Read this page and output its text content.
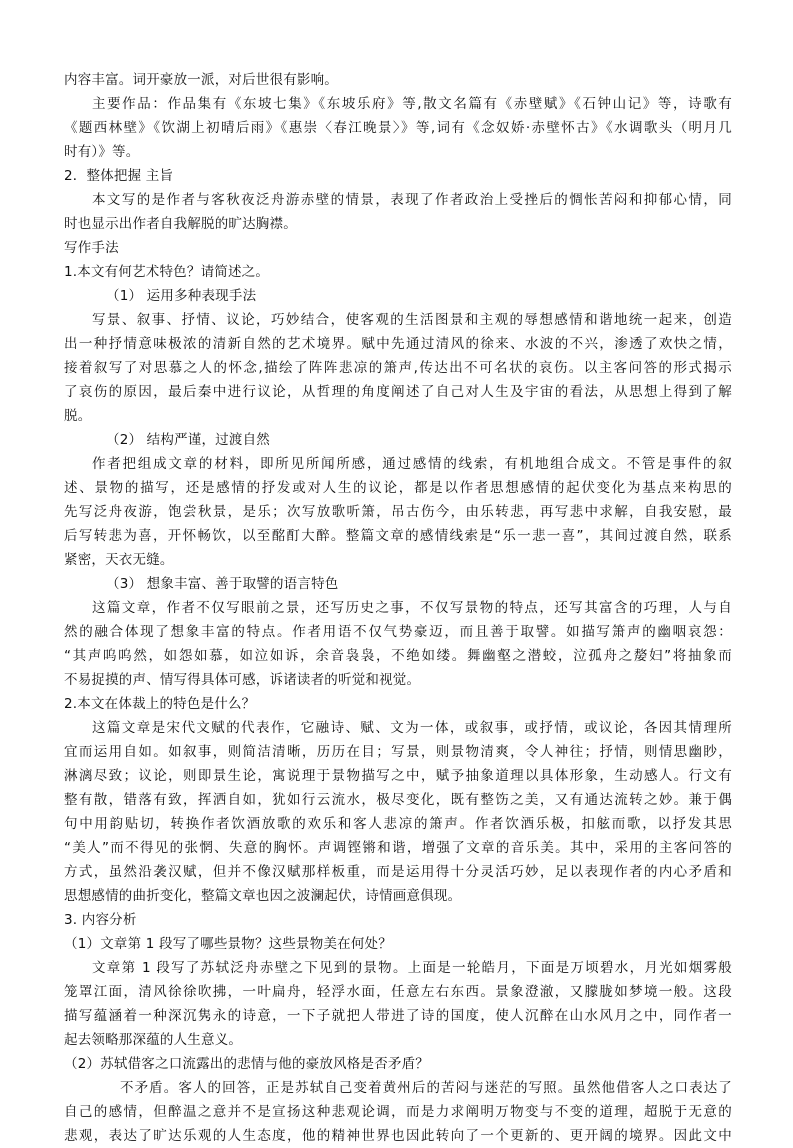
内容丰富。词开豪放一派，对后世很有影响。
主要作品：作品集有《东坡七集》《东坡乐府》等,散文名篇有《赤壁赋》《石钟山记》等，诗歌有
《题西林壁》《饮湖上初晴后雨》《惠崇〈春江晚景〉》等,词有《念奴娇·赤壁怀古》《水调歌头（明月几
时有）》等。
2．整体把握 主旨
本文写的是作者与客秋夜泛舟游赤壁的情景，表现了作者政治上受挫后的惆怅苦闷和抑郁心情，同
时也显示出作者自我解脱的旷达胸襟。
写作手法
1.本文有何艺术特色？请简述之。
（1） 运用多种表现手法
写景、叙事、抒情、议论，巧妙结合，使客观的生活图景和主观的辱想感情和谐地统一起来，创造
出一种抒情意味极浓的清新自然的艺术境界。赋中先通过清风的徐来、水波的不兴，渗透了欢快之情，
接着叙写了对思慕之人的怀念,描绘了阵阵悲凉的箫声,传达出不可名状的哀伤。以主客问答的形式揭示
了哀伤的原因，最后秦中进行议论，从哲理的角度阐述了自己对人生及宇宙的看法，从思想上得到了解
脱。
（2） 结构严谨，过渡自然
作者把组成文章的材料，即所见所闻所感，通过感情的线索，有机地组合成文。不管是事件的叙
述、景物的描写，还是感情的抒发或对人生的议论，都是以作者思想感情的起伏变化为基点来构思的
先写泛舟夜游，饱尝秋景，是乐；次写放歌听箫，吊古伤今，由乐转悲，再写悲中求解，自我安慰，最
后写转悲为喜，开怀畅饮，以至酩酊大醉。整篇文章的感情线索是“乐一悲一喜”，其间过渡自然，联系
紧密，天衣无缝。
（3） 想象丰富、善于取譬的语言特色
这篇文章，作者不仅写眼前之景，还写历史之事，不仅写景物的特点，还写其富含的巧理，人与自
然的融合体现了想象丰富的特点。作者用语不仅气势豪迈，而且善于取譬。如描写箫声的幽咽哀怨：
“其声呜呜然，如怨如慕，如泣如诉，余音袅袅，不绝如缕。舞幽壑之潜蛟，泣孤舟之嫠妇”将抽象而
不易捉摸的声、情写得具体可感，诉诸读者的听觉和视觉。
2.本文在体裁上的特色是什么？
这篇文章是宋代文赋的代表作，它融诗、赋、文为一体，或叙事，或抒情，或议论，各因其情理所
宜而运用自如。如叙事，则简洁清晰，历历在目；写景，则景物清爽，令人神往；抒情，则情思幽眇，
淋漓尽致；议论，则即景生论，寓说理于景物描写之中，赋予抽象道理以具体形象，生动感人。行文有
整有散，错落有致，挥洒自如，犹如行云流水，极尽变化，既有整饬之美，又有通达流转之妙。兼于偶
句中用韵贴切，转换作者饮酒放歌的欢乐和客人悲凉的箫声。作者饮酒乐极，扣舷而歌，以抒发其思
“美人”而不得见的张惘、失意的胸怀。声调铿锵和谐，增强了文章的音乐美。其中，采用的主客问答的
方式，虽然沿袭汉赋，但并不像汉赋那样板重，而是运用得十分灵活巧妙，足以表现作者的内心矛盾和
思想感情的曲折变化，整篇文章也因之波澜起伏，诗情画意俱现。
3. 内容分析
（1）文章第 1 段写了哪些景物？这些景物美在何处？
文章第 1 段写了苏轼泛舟赤壁之下见到的景物。上面是一轮皓月，下面是万顷碧水，月光如烟雾般
笼罩江面，清风徐徐吹拂，一叶扁舟，轻浮水面，任意左右东西。景象澄澈，又朦胧如梦境一般。这段
描写蕴涵着一种深沉隽永的诗意，一下子就把人带进了诗的国度，使人沉醉在山水风月之中，同作者一
起去领略那深蕴的人生意义。
（2）苏轼借客之口流露出的悲情与他的豪放风格是否矛盾？
不矛盾。客人的回答，正是苏轼自己变着黄州后的苦闷与迷茫的写照。虽然他借客人之口表达了
自己的感情，但醉温之意并不是宣扬这种悲观论调，而是力求阐明万物变与不变的道理，超脱于无意的
悲观，表达了旷达乐观的人生态度，他的精神世界也因此转向了一个更新的、更开阔的境界。因此文中
